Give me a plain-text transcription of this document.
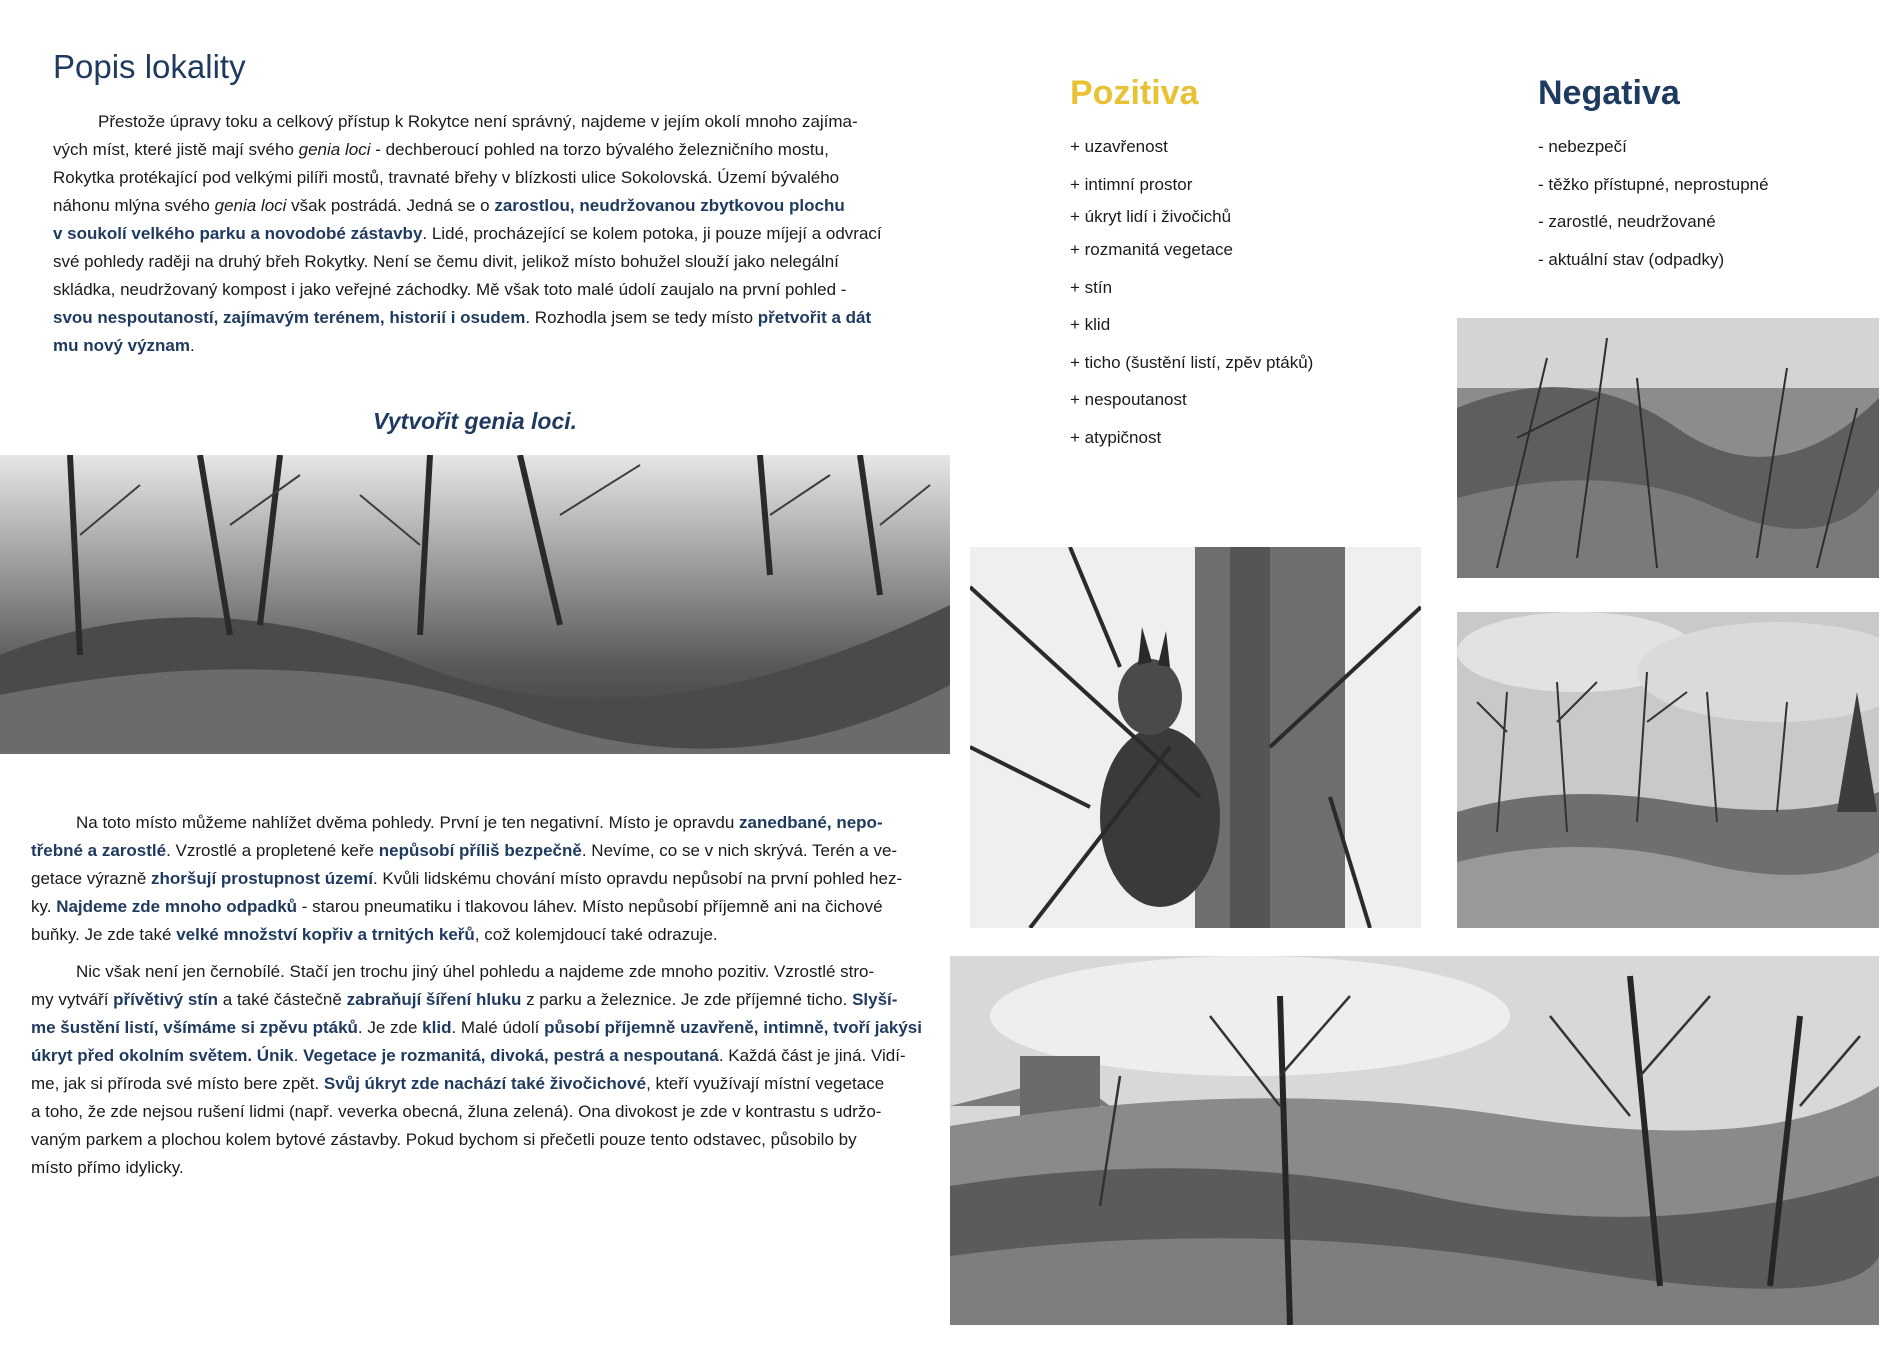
Popis lokality
Přestože úpravy toku a celkový přístup k Rokytce není správný, najdeme v jejím okolí mnoho zajíma-
vých míst, které jistě mají svého genia loci - dechberoucí pohled na torzo bývalého železničního mostu,
Rokytka protékající pod velkými pilíři mostů, travnaté břehy v blízkosti ulice Sokolovská. Území bývalého
náhonu mlýna svého genia loci však postrádá. Jedná se o zarostlou, neudržovanou zbytkovou plochu
v soukolí velkého parku a novodobé zástavby. Lidé, procházející se kolem potoka, ji pouze míjejí a odvrací
své pohledy raději na druhý břeh Rokytky. Není se čemu divit, jelikož místo bohužel slouží jako nelegální
skládka, neudržovaný kompost i jako veřejné záchodky. Mě však toto malé údolí zaujalo na první pohled -
svou nespoutaností, zajímavým terénem, historií i osudem. Rozhodla jsem se tedy místo přetvořit a dát
mu nový význam.
Vytvořit genia loci.
Na toto místo můžeme nahlížet dvěma pohledy. První je ten negativní. Místo je opravdu zanedbané, nepo-
třebné a zarostlé. Vzrostlé a propletené keře nepůsobí příliš bezpečně. Nevíme, co se v nich skrývá. Terén a ve-
getace výrazně zhoršují prostupnost území. Kvůli lidskému chování místo opravdu nepůsobí na první pohled hez-
ky. Najdeme zde mnoho odpadků - starou pneumatiku i tlakovou láhev. Místo nepůsobí příjemně ani na čichové
buňky. Je zde také velké množství kopřiv a trnitých keřů, což kolemjdoucí také odrazuje.
Nic však není jen černobílé. Stačí jen trochu jiný úhel pohledu a najdeme zde mnoho pozitiv. Vzrostlé stro-
my vytváří přívětivý stín a také částečně zabraňují šíření hluku z parku a železnice. Je zde příjemné ticho. Slyší-
me šustění listí, všímáme si zpěvu ptáků. Je zde klid. Malé údolí působí příjemně uzavřeně, intimně, tvoří jakýsi
úkryt před okolním světem. Únik. Vegetace je rozmanitá, divoká, pestrá a nespoutaná. Každá část je jiná. Vidí-
me, jak si příroda své místo bere zpět. Svůj úkryt zde nachází také živočichové, kteří využívají místní vegetace
a toho, že zde nejsou rušení lidmi (např. veverka obecná, žluna zelená). Ona divokost je zde v kontrastu s udržo-
vaným parkem a plochou kolem bytové zástavby. Pokud bychom si přečetli pouze tento odstavec, působilo by
místo přímo idylicky.
Pozitiva
+ uzavřenost
+ intimní prostor
+ úkryt lidí i živočichů
+ rozmanitá vegetace
+ stín
+ klid
+ ticho (šustění listí, zpěv ptáků)
+ nespoutanost
+ atypičnost
Negativa
- nebezpečí
- těžko přístupné, neprostupné
- zarostlé, neudržované
- aktuální stav (odpadky)
